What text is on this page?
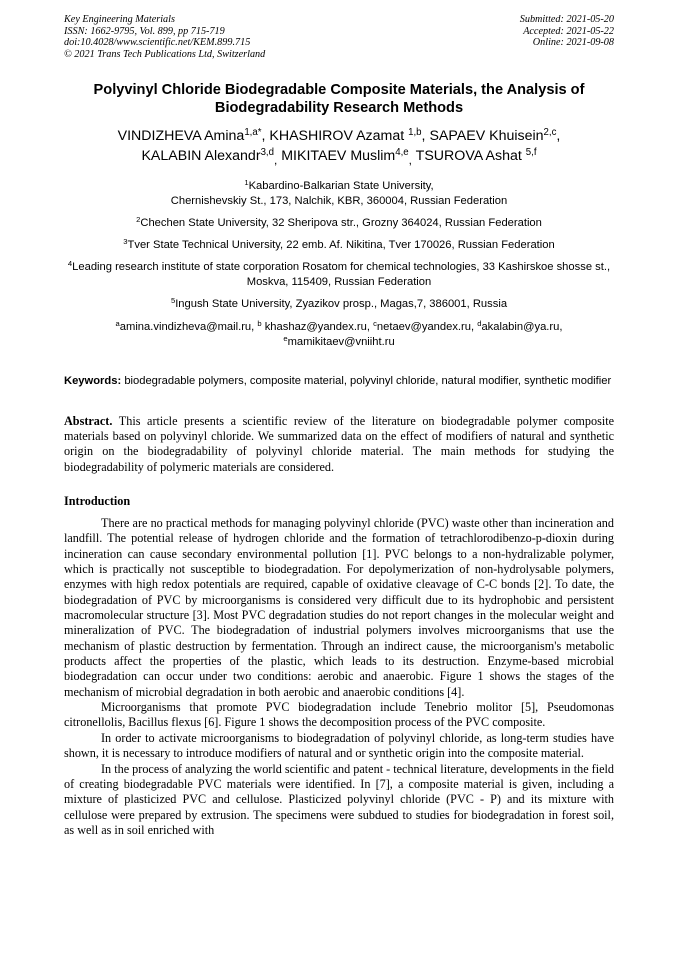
Key Engineering Materials
ISSN: 1662-9795, Vol. 899, pp 715-719
doi:10.4028/www.scientific.net/KEM.899.715
© 2021 Trans Tech Publications Ltd, Switzerland
Submitted: 2021-05-20
Accepted: 2021-05-22
Online: 2021-09-08
Polyvinyl Chloride Biodegradable Composite Materials, the Analysis of Biodegradability Research Methods
VINDIZHEVA Amina$^{1,a*}$, KHASHIROV Azamat $^{1,b}$, SAPAEV Khuisein$^{2,c}$,
KALABIN Alexandr$^{3,d}_,$ MIKITAEV Muslim$^{4,e}_,$ TSUROVA Ashat $^{5,f}$
$^1$Kabardino-Balkarian State University,
Chernishevskiy St., 173, Nalchik, KBR, 360004, Russian Federation
$^2$Chechen State University, 32 Sheripova str., Grozny 364024, Russian Federation
$^3$Tver State Technical University, 22 emb. Af. Nikitina, Tver 170026, Russian Federation
$^4$Leading research institute of state corporation Rosatom for chemical technologies, 33 Kashirskoe shosse st., Moskva, 115409, Russian Federation
$^5$Ingush State University, Zyazikov prosp., Magas,7, 386001, Russia
$^a$amina.vindizheva@mail.ru, $^b$ khashaz@yandex.ru, $^c$netaev@yandex.ru, $^d$akalabin@ya.ru,
$^e$mamikitaev@vniiht.ru
Keywords: biodegradable polymers, composite material, polyvinyl chloride, natural modifier, synthetic modifier
Abstract. This article presents a scientific review of the literature on biodegradable polymer composite materials based on polyvinyl chloride. We summarized data on the effect of modifiers of natural and synthetic origin on the biodegradability of polyvinyl chloride material. The main methods for studying the biodegradability of polymeric materials are considered.
Introduction
There are no practical methods for managing polyvinyl chloride (PVC) waste other than incineration and landfill. The potential release of hydrogen chloride and the formation of tetrachlorodibenzo-p-dioxin during incineration can cause secondary environmental pollution [1]. PVC belongs to a non-hydralizable polymer, which is practically not susceptible to biodegradation. For depolymerization of non-hydrolysable polymers, enzymes with high redox potentials are required, capable of oxidative cleavage of C-C bonds [2]. To date, the biodegradation of PVC by microorganisms is considered very difficult due to its hydrophobic and persistent macromolecular structure [3]. Most PVC degradation studies do not report changes in the molecular weight and mineralization of PVC. The biodegradation of industrial polymers involves microorganisms that use the mechanism of plastic destruction by fermentation. Through an indirect cause, the microorganism's metabolic products affect the properties of the plastic, which leads to its destruction. Enzyme-based microbial biodegradation can occur under two conditions: aerobic and anaerobic. Figure 1 shows the stages of the mechanism of microbial degradation in both aerobic and anaerobic conditions [4].
Microorganisms that promote PVC biodegradation include Tenebrio molitor [5], Pseudomonas citronellolis, Bacillus flexus [6]. Figure 1 shows the decomposition process of the PVC composite.
In order to activate microorganisms to biodegradation of polyvinyl chloride, as long-term studies have shown, it is necessary to introduce modifiers of natural and or synthetic origin into the composite material.
In the process of analyzing the world scientific and patent - technical literature, developments in the field of creating biodegradable PVC materials were identified. In [7], a composite material is given, including a mixture of plasticized PVC and cellulose. Plasticized polyvinyl chloride (PVC - P) and its mixture with cellulose were prepared by extrusion. The specimens were subdued to studies for biodegradation in forest soil, as well as in soil enriched with
